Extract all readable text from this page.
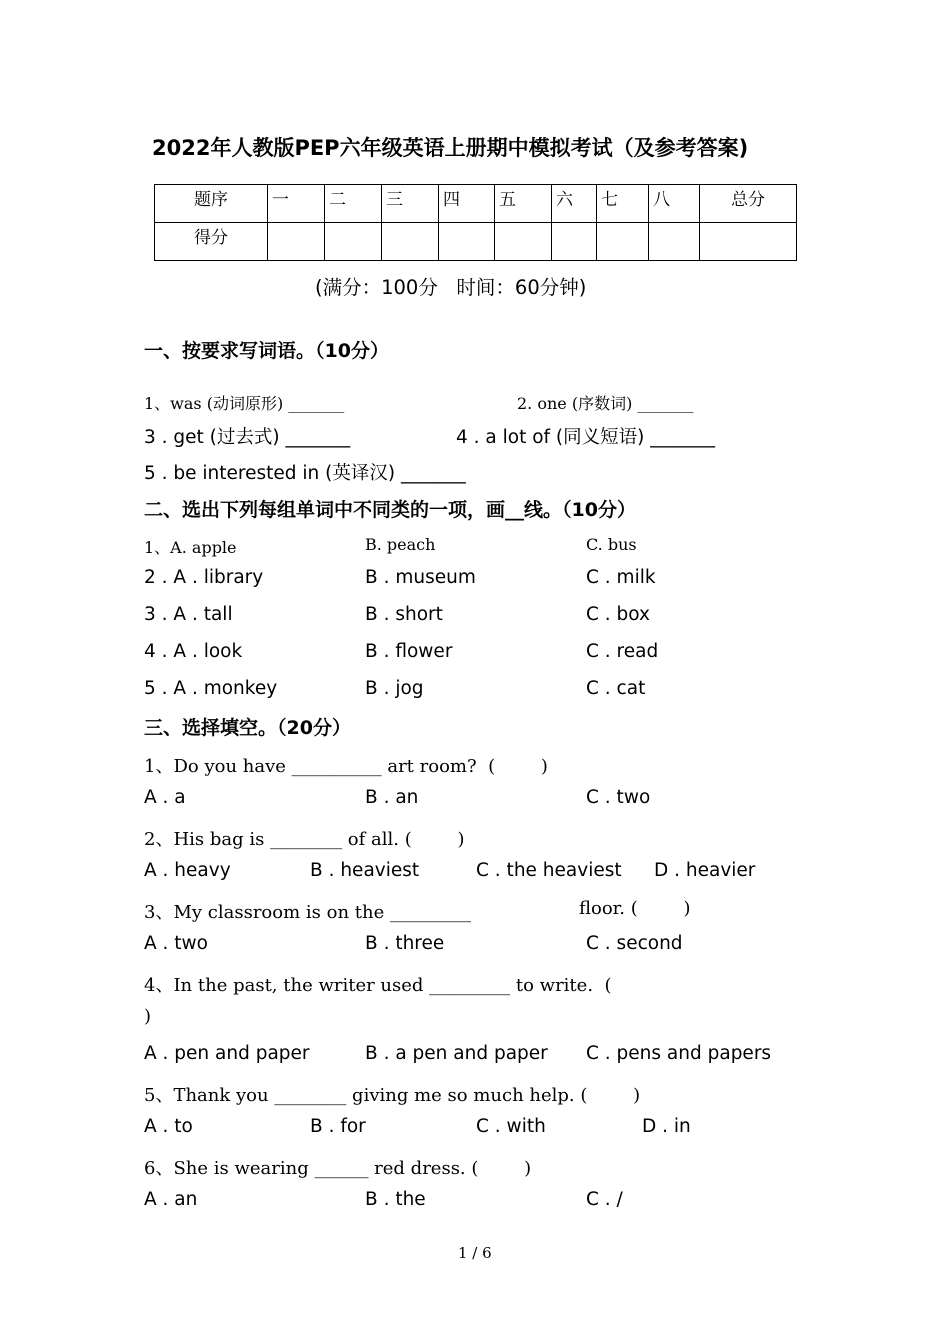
2022年人教版PEP六年级英语上册期中模拟考试（及参考答案)
题序	一	二	三	四	五	六	七	八	总分
得分									
(满分：100分   时间：60分钟)
一、按要求写词语。（10分）
1、was (动词原形) _______	2. one (序数词) _______
3 . get (过去式) _______	4 . a lot of (同义短语) _______
5 . be interested in (英译汉) _______
二、选出下列每组单词中不同类的一项，画__线。（10分）
1、A. apple	B. peach	C. bus
2 . A . library	B . museum	C . milk
3 . A . tall	B . short	C . box
4 . A . look	B . flower	C . read
5 . A . monkey	B . jog	C . cat
三、选择填空。（20分）
1、Do you have __________ art room?  (        )
A . a	B . an	C . two
2、His bag is ________ of all. (        )
A . heavy	B . heaviest	C . the heaviest D . heavier
3、My classroom is on the _________	floor. (        )
A . two	B . three	C . second
4、In the past, the writer used _________ to write.  (
)
A . pen and paper	B . a pen and paper C . pens and papers
5、Thank you ________ giving me so much help. (        )
A . to	B . for	C . with	D . in
6、She is wearing ______ red dress. (        )
A . an	B . the	C . /
1 / 6
